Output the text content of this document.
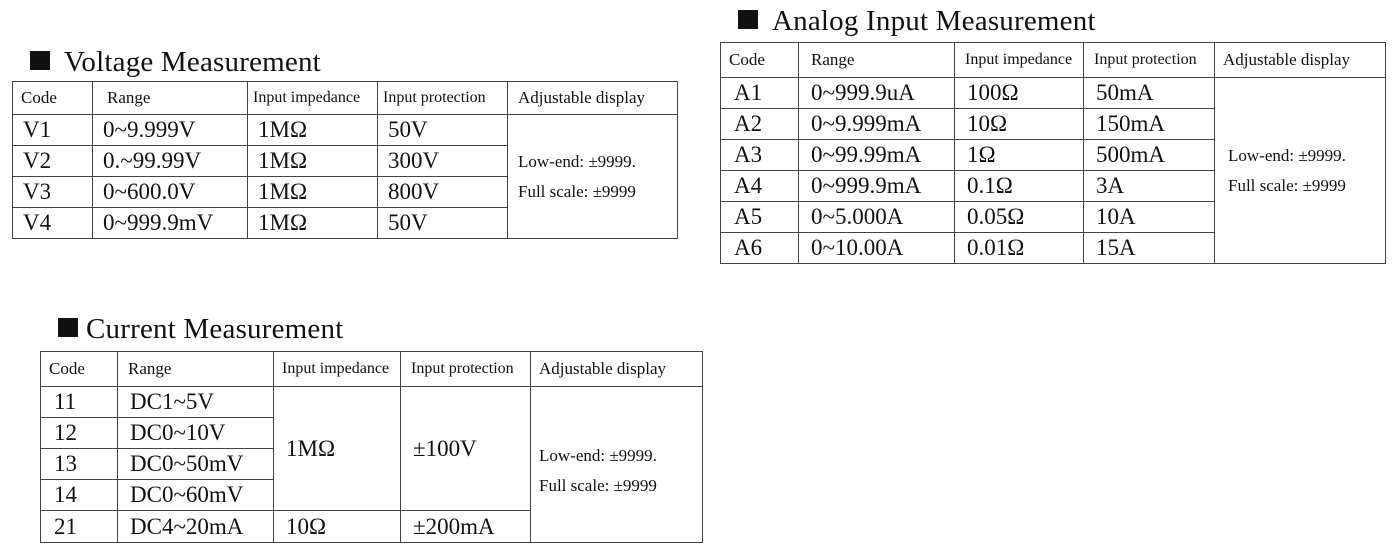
Voltage Measurement
Code	Range	Input impedance	Input protection	Adjustable display
V1	0~9.999V	1MΩ	50V	Low-end: ±9999.
Full scale: ±9999

V2	0.~99.99V	1MΩ	300V	
V3	0~600.0V	1MΩ	800V	
V4	0~999.9mV	1MΩ	50V	
Analog Input Measurement
Code	Range	Input impedance	Input protection	Adjustable display
A1	0~999.9uA	100Ω	50mA	Low-end: ±9999.
Full scale: ±9999

A2	0~9.999mA	10Ω	150mA	
A3	0~99.99mA	1Ω	500mA	
A4	0~999.9mA	0.1Ω	3A	
A5	0~5.000A	0.05Ω	10A	
A6	0~10.00A	0.01Ω	15A	
Current Measurement
Code	Range	Input impedance	Input protection	Adjustable display
11	DC1~5V	1MΩ	±100V	Low-end: ±9999.
Full scale: ±9999

12	DC0~10V			
13	DC0~50mV			
14	DC0~60mV			
21	DC4~20mA	10Ω	±200mA	
